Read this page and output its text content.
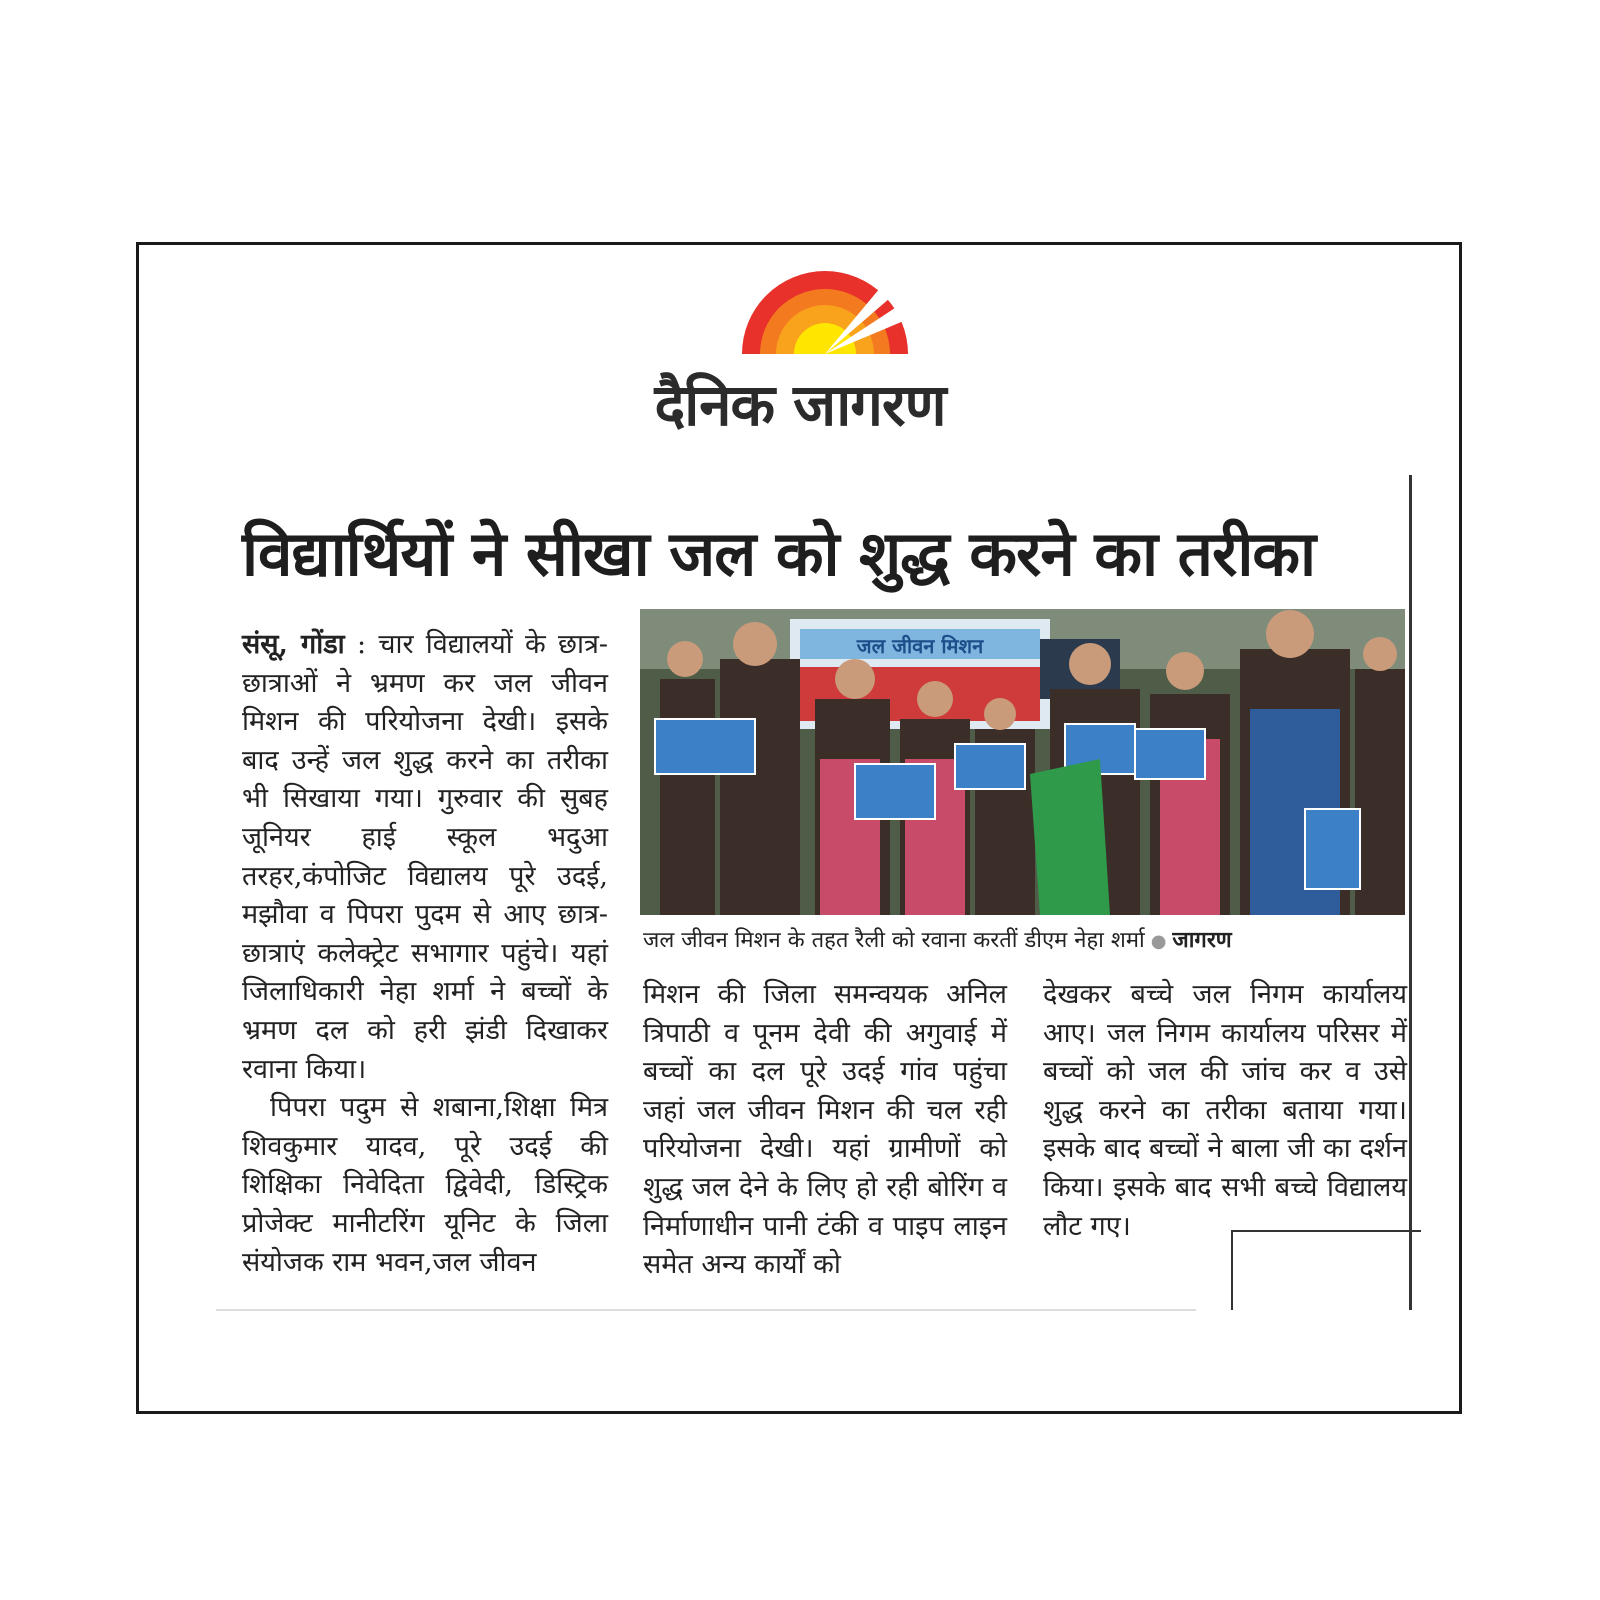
दैनिक जागरण
विद्यार्थियों ने सीखा जल को शुद्ध करने का तरीका

संसू, गोंडा : चार विद्यालयों के छात्र-छात्राओं ने भ्रमण कर जल जीवन मिशन की परियोजना देखी। इसके बाद उन्हें जल शुद्ध करने का तरीका भी सिखाया गया। गुरुवार की सुबह जूनियर हाई स्कूल भदुआ तरहर,कंपोजिट विद्यालय पूरे उदई, मझौवा व पिपरा पुदम से आए छात्र-छात्राएं कलेक्ट्रेट सभागार पहुंचे। यहां जिलाधिकारी नेहा शर्मा ने बच्चों के भ्रमण दल को हरी झंडी दिखाकर रवाना किया।

पिपरा पदुम से शबाना,शिक्षा मित्र शिवकुमार यादव, पूरे उदई की शिक्षिका निवेदिता द्विवेदी, डिस्ट्रिक प्रोजेक्ट मानीटरिंग यूनिट के जिला संयोजक राम भवन,जल जीवन

जल जीवन मिशन
जल जीवन मिशन के तहत रैली को रवाना करतीं डीएम नेहा शर्मा ● जागरण

मिशन की जिला समन्वयक अनिल त्रिपाठी व पूनम देवी की अगुवाई में बच्चों का दल पूरे उदई गांव पहुंचा जहां जल जीवन मिशन की चल रही परियोजना देखी। यहां ग्रामीणों को शुद्ध जल देने के लिए हो रही बोरिंग व निर्माणाधीन पानी टंकी व पाइप लाइन समेत अन्य कार्यों को

देखकर बच्चे जल निगम कार्यालय आए। जल निगम कार्यालय परिसर में बच्चों को जल की जांच कर व उसे शुद्ध करने का तरीका बताया गया। इसके बाद बच्चों ने बाला जी का दर्शन किया। इसके बाद सभी बच्चे विद्यालय लौट गए।
